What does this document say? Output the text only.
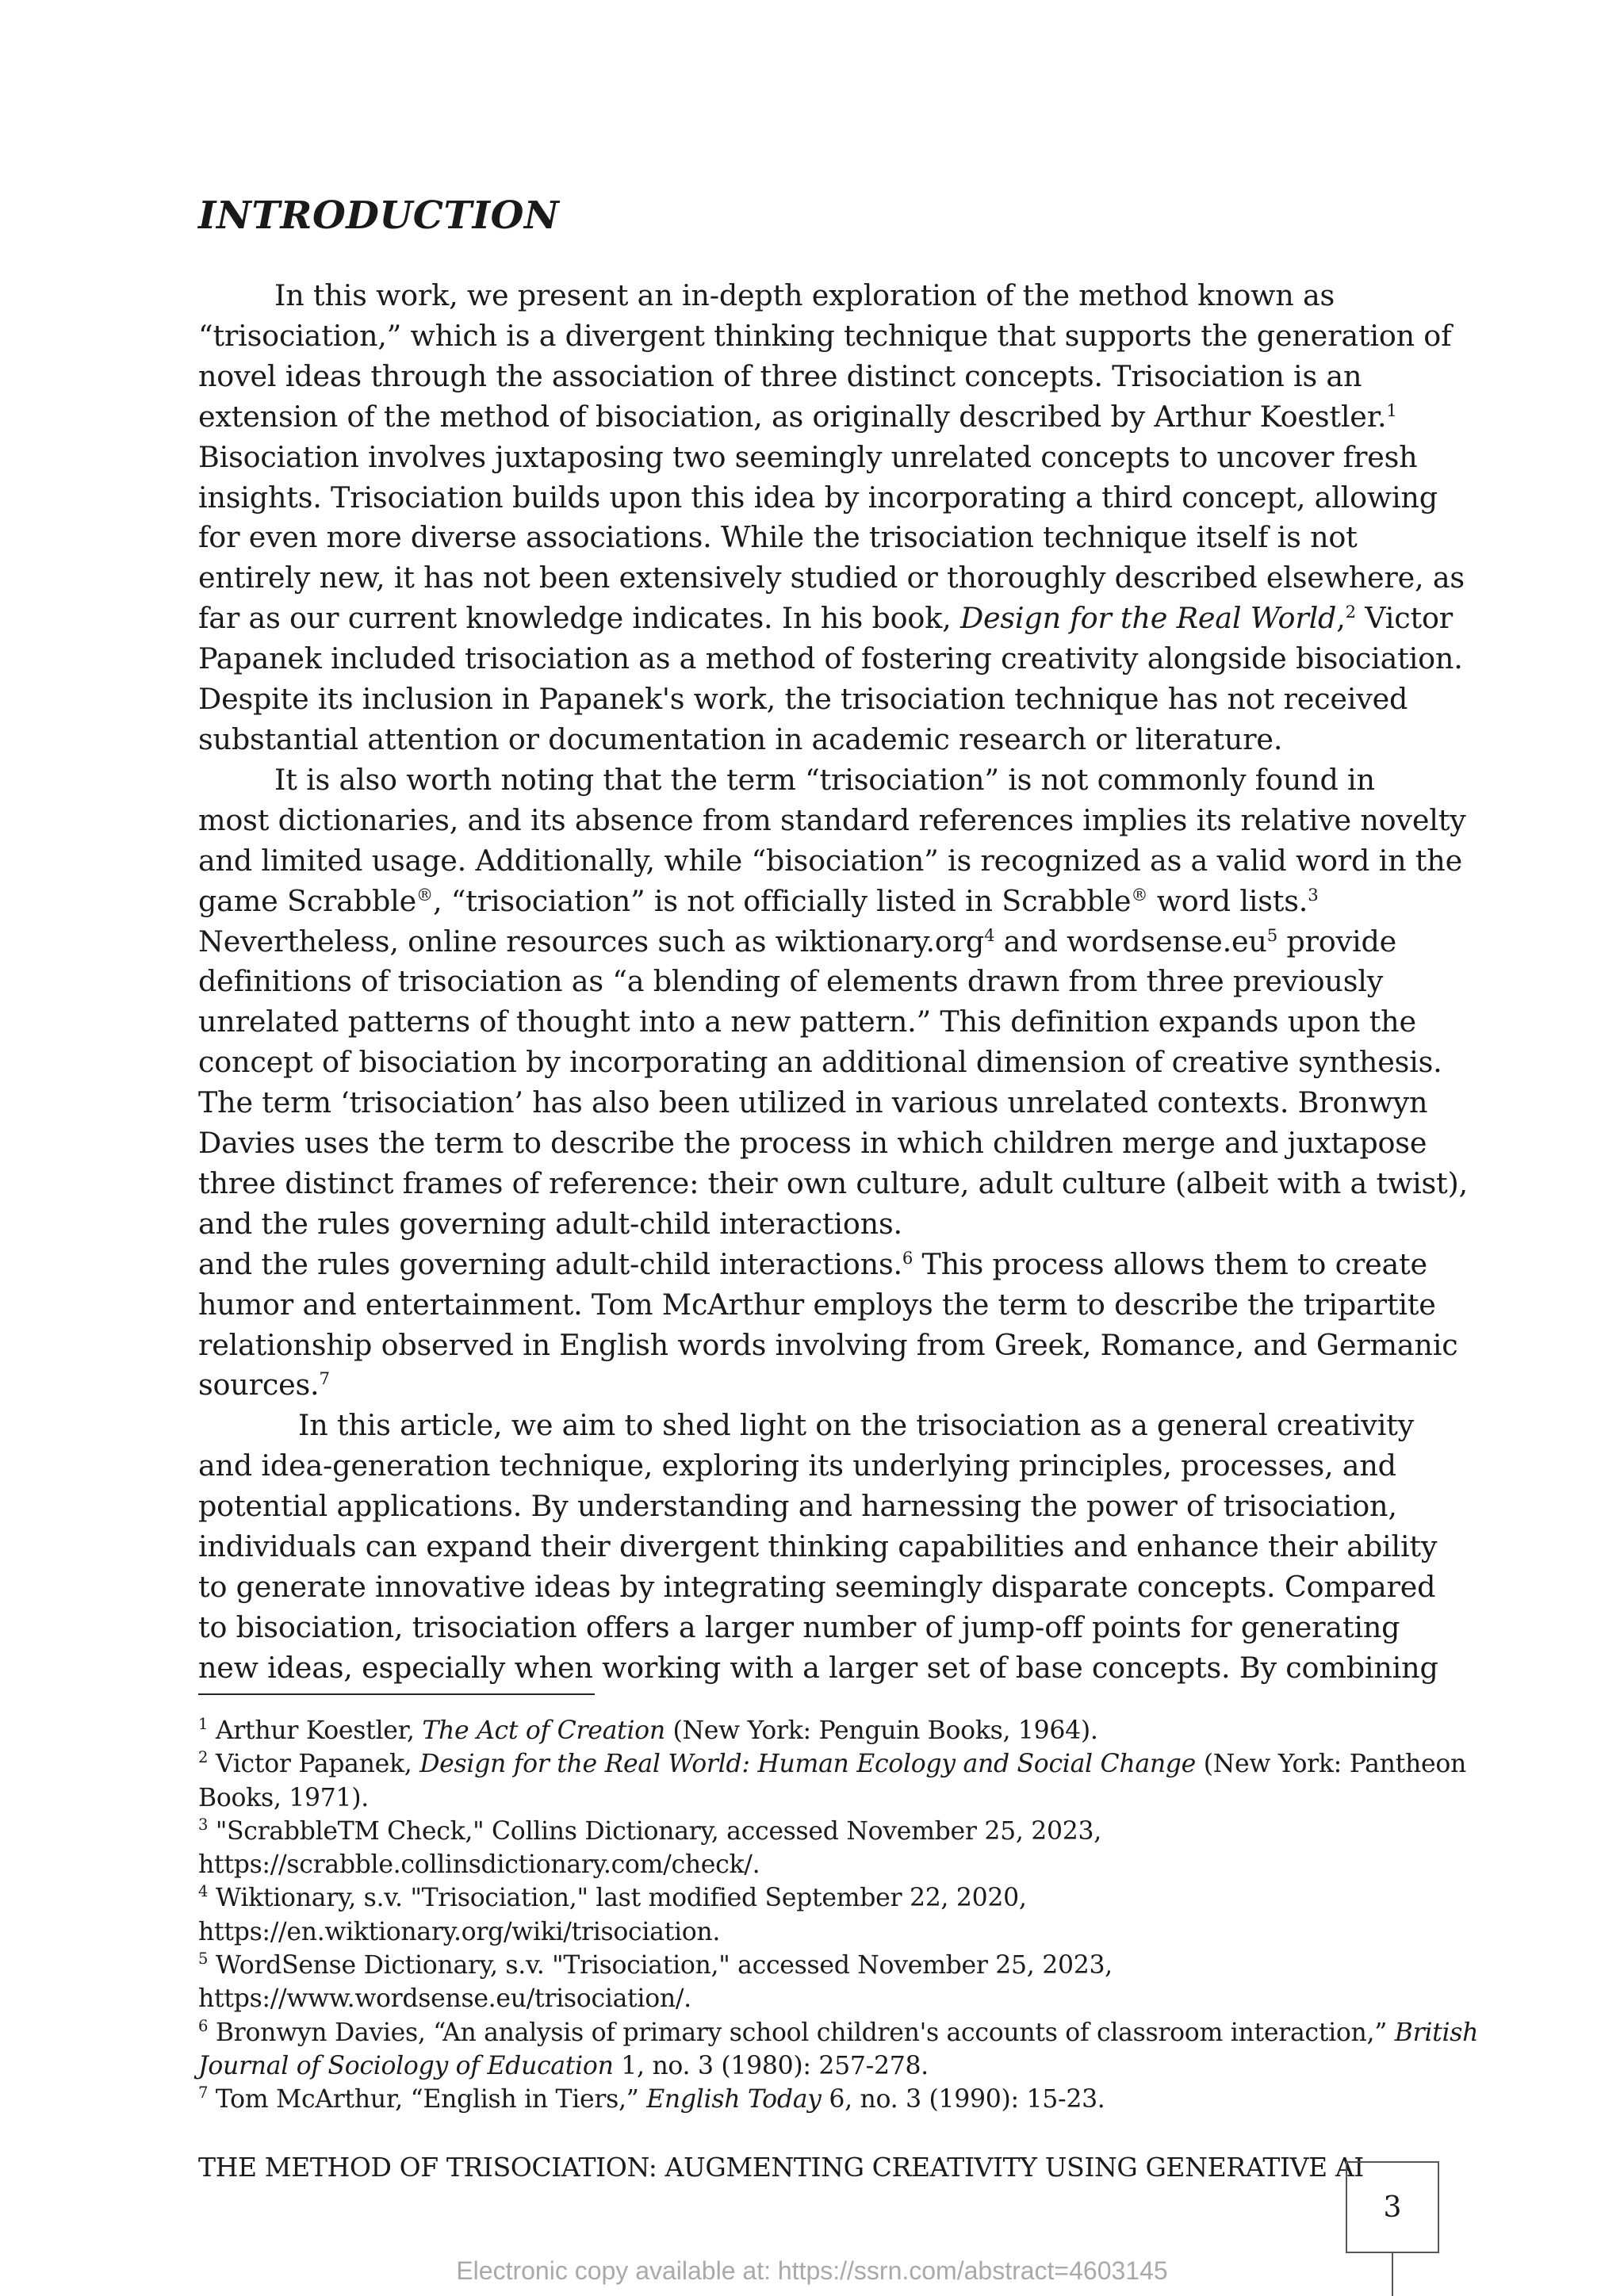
INTRODUCTION

In this work, we present an in-depth exploration of the method known as
“trisociation,” which is a divergent thinking technique that supports the generation of
novel ideas through the association of three distinct concepts. Trisociation is an
extension of the method of bisociation, as originally described by Arthur Koestler.$^1$
Bisociation involves juxtaposing two seemingly unrelated concepts to uncover fresh
insights. Trisociation builds upon this idea by incorporating a third concept, allowing
for even more diverse associations. While the trisociation technique itself is not
entirely new, it has not been extensively studied or thoroughly described elsewhere, as
far as our current knowledge indicates. In his book, Design for the Real World,$^2$ Victor
Papanek included trisociation as a method of fostering creativity alongside bisociation.
Despite its inclusion in Papanek's work, the trisociation technique has not received
substantial attention or documentation in academic research or literature.

It is also worth noting that the term “trisociation” is not commonly found in
most dictionaries, and its absence from standard references implies its relative novelty
and limited usage. Additionally, while “bisociation” is recognized as a valid word in the
game Scrabble®, “trisociation” is not officially listed in Scrabble® word lists.$^3$
Nevertheless, online resources such as wiktionary.org$^4$ and $wordsense.eu^5$ provide
definitions of trisociation as “a blending of elements drawn from three previously
unrelated patterns of thought into a new pattern.” This definition expands upon the
concept of bisociation by incorporating an additional dimension of creative synthesis.
The term ‘trisociation’ has also been utilized in various unrelated contexts. Bronwyn
Davies uses the term to describe the process in which children merge and juxtapose
three distinct frames of reference: their own culture, adult culture (albeit with a twist),
and the rules governing adult-child interactions.
and the rules governing adult-child interactions.$^6$ This process allows them to create
humor and entertainment. Tom McArthur employs the term to describe the tripartite
relationship observed in English words involving from Greek, Romance, and Germanic
sources.$^7$

In this article, we aim to shed light on the trisociation as a general creativity
and idea-generation technique, exploring its underlying principles, processes, and
potential applications. By understanding and harnessing the power of trisociation,
individuals can expand their divergent thinking capabilities and enhance their ability
to generate innovative ideas by integrating seemingly disparate concepts. Compared
to bisociation, trisociation offers a larger number of jump-off points for generating
new ideas, especially when working with a larger set of base concepts. By combining

$^1$ Arthur Koestler, The Act of Creation (New York: Penguin Books, 1964).
$^2$ Victor Papanek, Design for the Real World: Human Ecology and Social Change (New York: Pantheon
Books, 1971).
$^3$ "ScrabbleTM Check," Collins Dictionary, accessed November 25, 2023,
https://scrabble.collinsdictionary.com/check/.
$^4$ Wiktionary, s.v. "Trisociation," last modified September 22, 2020,
https://en.wiktionary.org/wiki/trisociation.
$^5$ WordSense Dictionary, s.v. "Trisociation," accessed November 25, 2023,
https://www.wordsense.eu/trisociation/.
$^6$ Bronwyn Davies, “An analysis of primary school children's accounts of classroom interaction,” British
Journal of Sociology of Education 1, no. 3 (1980): 257-278.
$^7$ Tom McArthur, “English in Tiers,” English Today 6, no. 3 (1990): 15-23.
THE METHOD OF TRISOCIATION: AUGMENTING CREATIVITY USING GENERATIVE AI
3
Electronic copy available at: https://ssrn.com/abstract=4603145
